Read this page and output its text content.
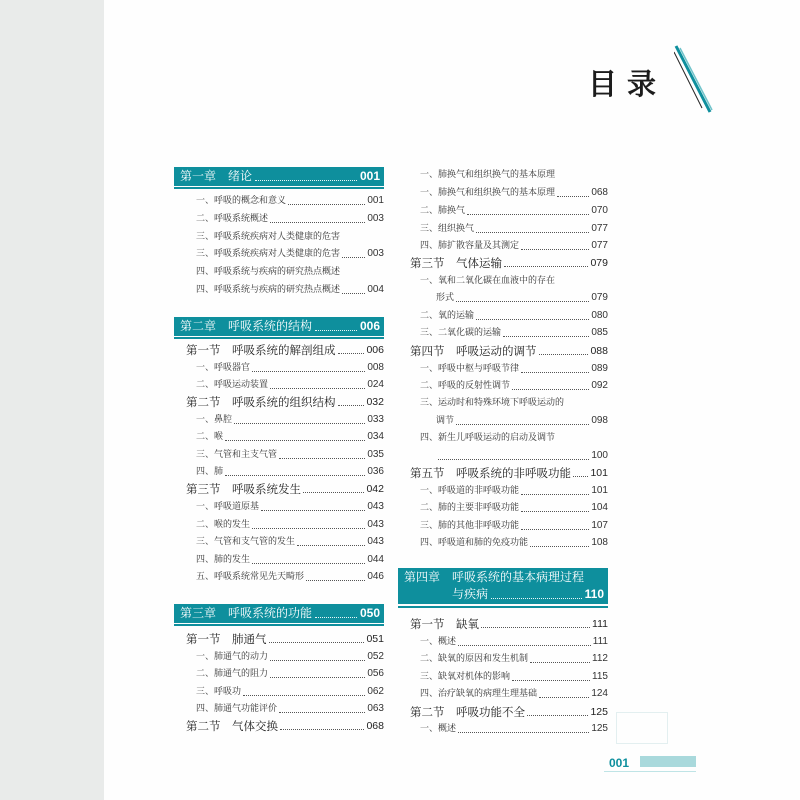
目录
第一章　绪论	001
一、呼吸的概念和意义	001
二、呼吸系统概述	003
三、呼吸系统疾病对人类健康的危害
三、呼吸系统疾病对人类健康的危害	003
四、呼吸系统与疾病的研究热点概述
四、呼吸系统与疾病的研究热点概述	004
第二章　呼吸系统的结构	006
第一节　呼吸系统的解剖组成	006
一、呼吸器官	008
二、呼吸运动装置	024
第二节　呼吸系统的组织结构	032
一、鼻腔	033
二、喉	034
三、气管和主支气管	035
四、肺	036
第三节　呼吸系统发生	042
一、呼吸道原基	043
二、喉的发生	043
三、气管和支气管的发生	043
四、肺的发生	044
五、呼吸系统常见先天畸形	046
第三章　呼吸系统的功能	050
第一节　肺通气	051
一、肺通气的动力	052
二、肺通气的阻力	056
三、呼吸功	062
四、肺通气功能评价	063
第二节　气体交换	068
一、肺换气和组织换气的基本原理
一、肺换气和组织换气的基本原理	068
二、肺换气	070
三、组织换气	077
四、肺扩散容量及其测定	077
第三节　气体运输	079
一、氧和二氧化碳在血液中的存在
形式	079
二、氧的运输	080
三、二氧化碳的运输	085
第四节　呼吸运动的调节	088
一、呼吸中枢与呼吸节律	089
二、呼吸的反射性调节	092
三、运动时和特殊环境下呼吸运动的
调节	098
四、新生儿呼吸运动的启动及调节
100
第五节　呼吸系统的非呼吸功能 101
一、呼吸道的非呼吸功能	101
二、肺的主要非呼吸功能	104
三、肺的其他非呼吸功能	107
四、呼吸道和肺的免疫功能	108
第四章　呼吸系统的基本病理过程
与疾病	110
第一节　缺氧	111
一、概述	111
二、缺氧的原因和发生机制	112
三、缺氧对机体的影响	115
四、治疗缺氧的病理生理基础	124
第二节　呼吸功能不全	125
一、概述	125
001
